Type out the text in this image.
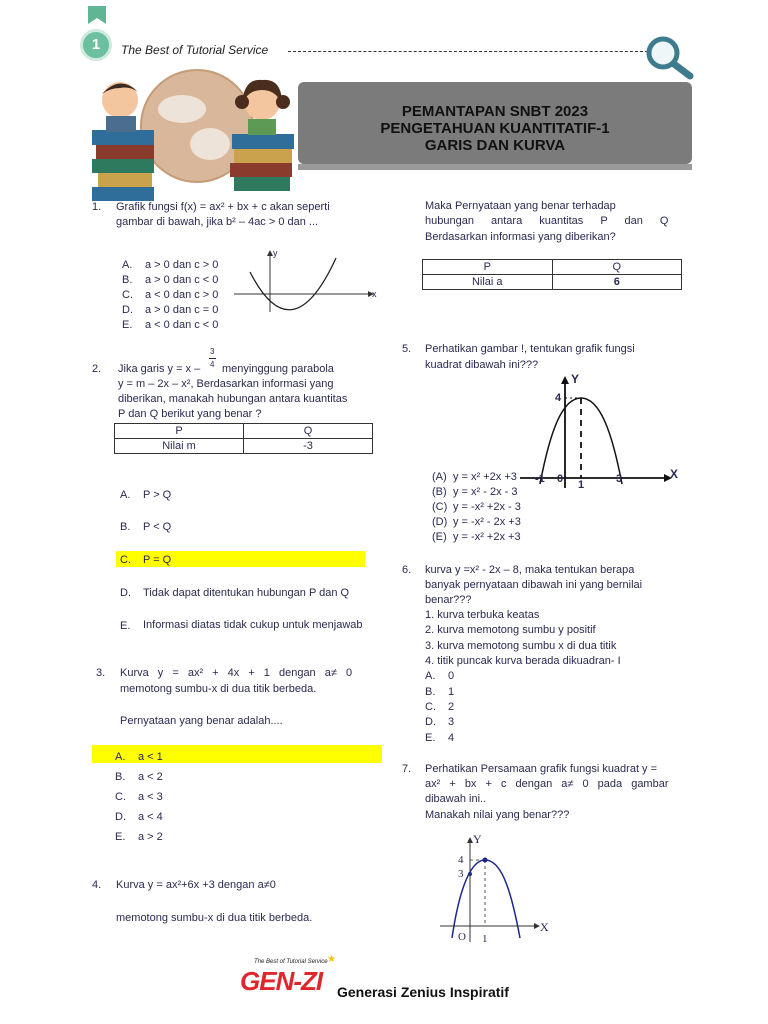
1	The Best of Tutorial Service
PEMANTAPAN SNBT 2023
PENGETAHUAN KUANTITATIF-1
GARIS DAN KURVA
1. Grafik fungsi f(x) = ax² + bx + c akan seperti
gambar di bawah, jika b² – 4ac > 0 dan ...
A. a > 0 dan c > 0
B. a > 0 dan c < 0
C. a < 0 dan c > 0
D. a > 0 dan c = 0
E. a < 0 dan c < 0
y
x
2. Jika garis y = x –
3
4 menyinggung parabola
y = m – 2x – x², Berdasarkan informasi yang
diberikan, manakah hubungan antara kuantitas
P dan Q berikut yang benar ?
P	Q
Nilai m	-3
A. P > Q
B. P < Q
C. P = Q
D. Tidak dapat ditentukan hubungan P dan Q
E. Informasi diatas tidak cukup untuk menjawab
3. Kurva y = ax² + 4x + 1 dengan a≠ 0
memotong sumbu-x di dua titik berbeda.
Pernyataan yang benar adalah....
A. a < 1
B. a < 2
C. a < 3
D. a < 4
E. a > 2
4. Kurva y = ax²+6x +3 dengan a≠0
memotong sumbu-x di dua titik berbeda.
Maka Pernyataan yang benar terhadap
hubungan antara kuantitas P dan Q
Berdasarkan informasi yang diberikan?
P	Q
Nilai a	6
5. Perhatikan gambar !, tentukan grafik fungsi
kuadrat dibawah ini???
Y
X
4
-1 0 1	3
(A) y = x² +2x +3
(B) y = x² - 2x - 3
(C) y = -x² +2x - 3
(D) y = -x² - 2x +3
(E) y = -x² +2x +3
6. kurva y =x² - 2x – 8, maka tentukan berapa
banyak pernyataan dibawah ini yang bernilai
benar???
1. kurva terbuka keatas
2. kurva memotong sumbu y positif
3. kurva memotong sumbu x di dua titik
4. titik puncak kurva berada dikuadran- I
A. 0
B. 1
C. 2
D. 3
E. 4
7. Perhatikan Persamaan grafik fungsi kuadrat y =
ax² + bx + c dengan a≠ 0 pada gambar
dibawah ini..
Manakah nilai yang benar???
Y
X
4
3
O 1
The Best of Tutorial Service ★
GEN-ZI Generasi Zenius Inspiratif
